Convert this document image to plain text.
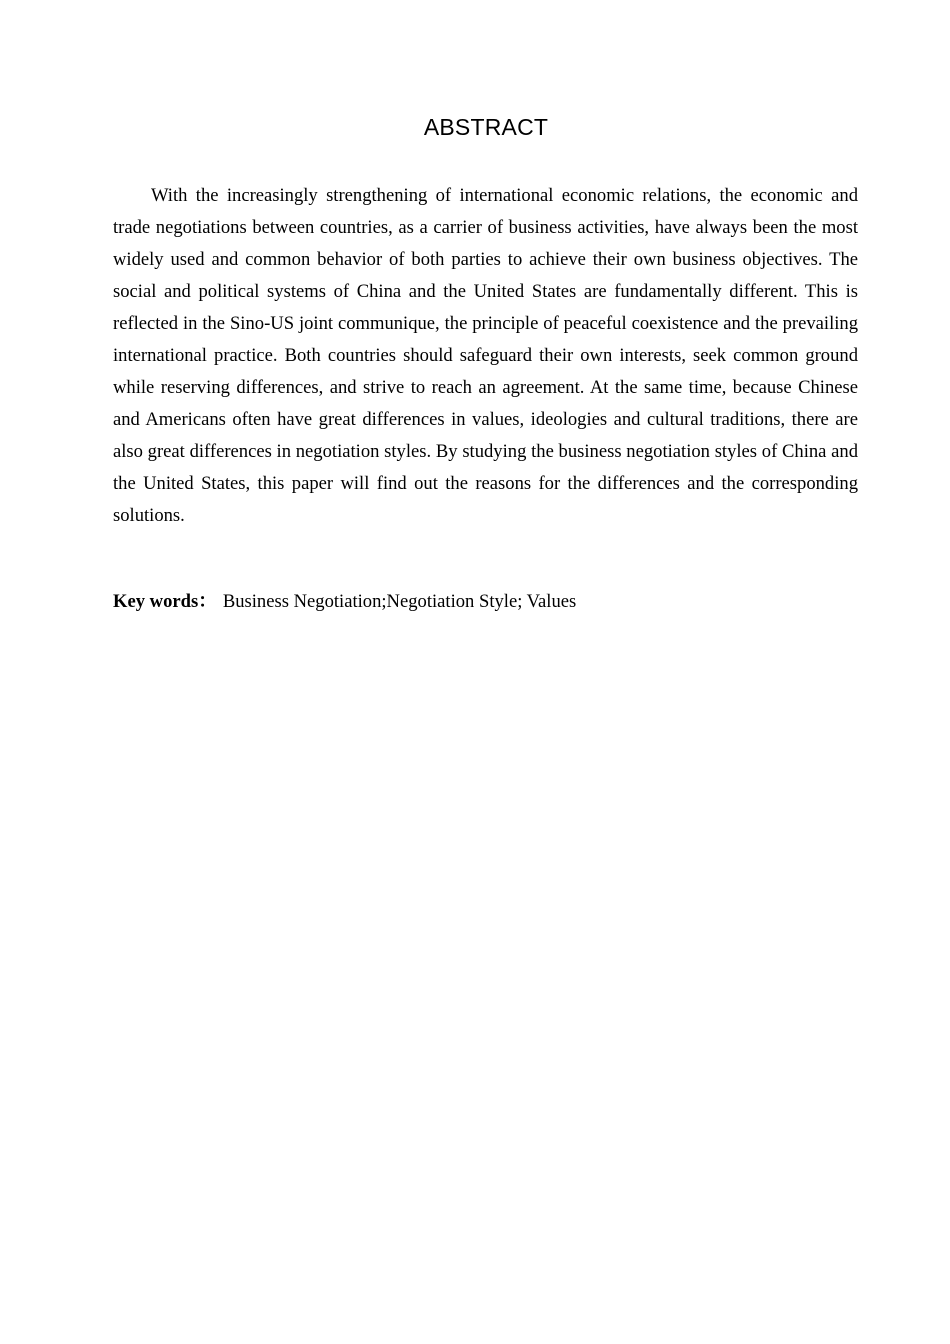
ABSTRACT

With the increasingly strengthening of international economic relations, the economic and trade negotiations between countries, as a carrier of business activities, have always been the most widely used and common behavior of both parties to achieve their own business objectives. The social and political systems of China and the United States are fundamentally different. This is reflected in the Sino-US joint communique, the principle of peaceful coexistence and the prevailing international practice. Both countries should safeguard their own interests, seek common ground while reserving differences, and strive to reach an agreement. At the same time, because Chinese and Americans often have great differences in values, ideologies and cultural traditions, there are also great differences in negotiation styles. By studying the business negotiation styles of China and the United States, this paper will find out the reasons for the differences and the corresponding solutions.

Key words： Business Negotiation;Negotiation Style; Values
